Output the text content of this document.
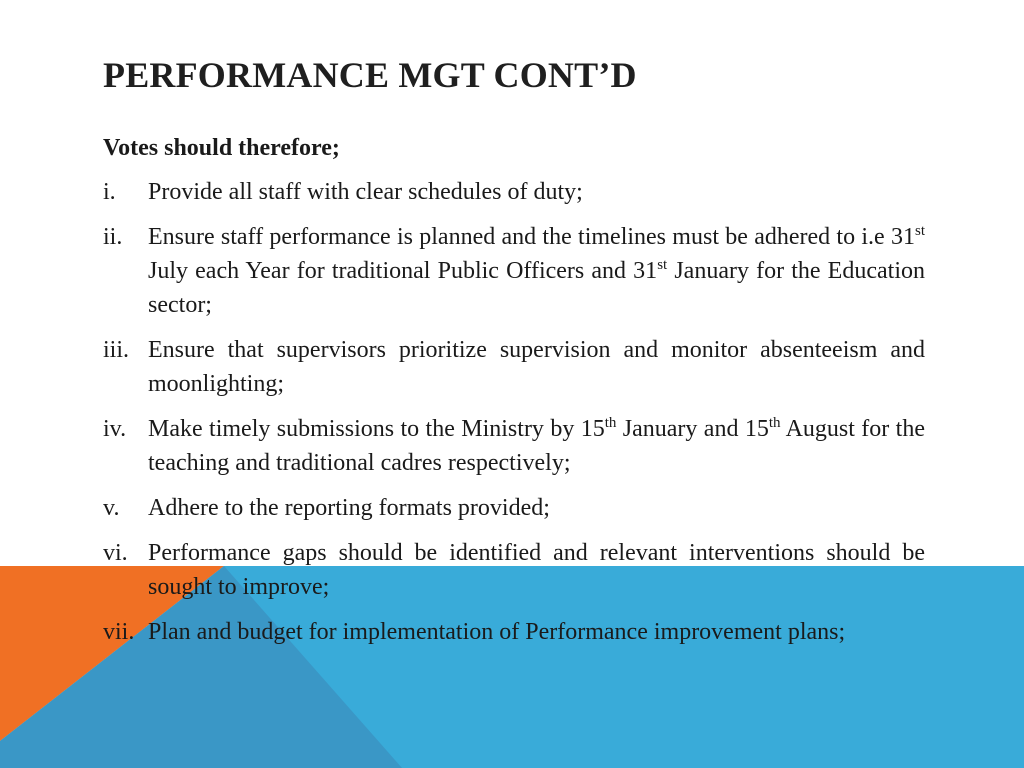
PERFORMANCE MGT CONT’D
Votes should therefore;
i.	Provide all staff with clear schedules of duty;
ii.	Ensure staff performance is planned and the timelines must be adhered to i.e 31st July each Year for traditional Public Officers and 31st January for the Education sector;
iii. Ensure that supervisors prioritize supervision and monitor absenteeism and moonlighting;
iv. Make timely submissions to the Ministry by 15th January and 15th August for the teaching and traditional cadres respectively;
v.	Adhere to the reporting formats provided;
vi. Performance gaps should be identified and relevant interventions should be sought to improve;
vii. Plan and budget for implementation of Performance improvement plans;
